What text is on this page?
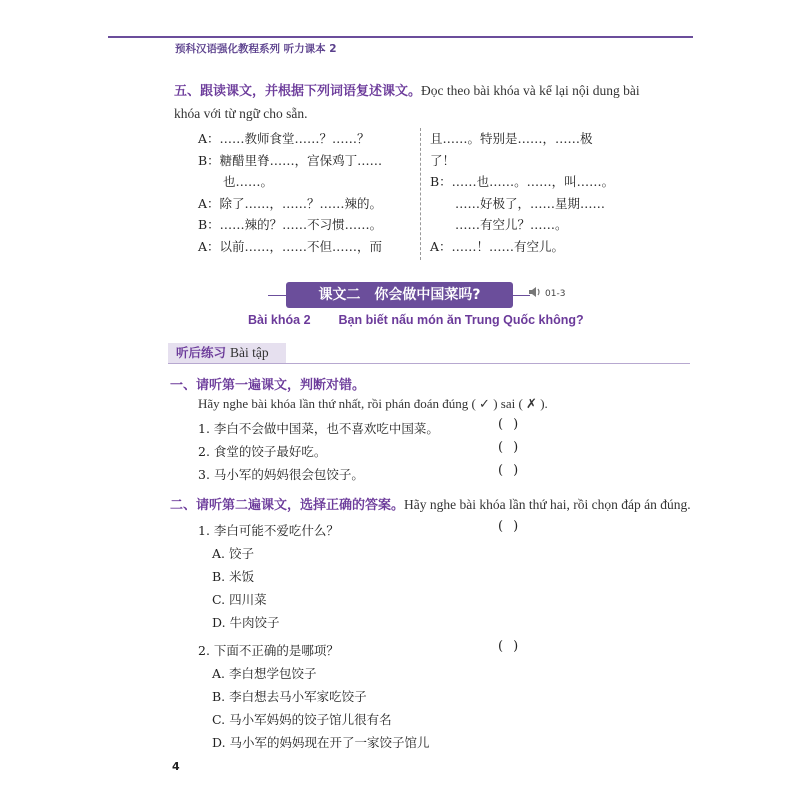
预科汉语强化教程系列 听力课本 2
五、跟读课文，并根据下列词语复述课文。Đọc theo bài khóa và kể lại nội dung bài khóa với từ ngữ cho sẵn.
A：……教师食堂……？……？
B：糖醋里脊……，宫保鸡丁……
　　也……。
A：除了……，……？……辣的。
B：……辣的？……不习惯……。
A：以前……，……不但……，而
且……。特别是……，……极
了！
B：……也……。……，叫……。
　　……好极了，……星期……
　　……有空儿？……。
A：……！……有空儿。
课文二　你会做中国菜吗?	01-3
Bài khóa 2 Bạn biết nấu món ăn Trung Quốc không?
听后练习 Bài tập
一、请听第一遍课文，判断对错。
Hãy nghe bài khóa lần thứ nhất, rồi phán đoán đúng ( ✓ ) sai ( ✗ ).
1. 李白不会做中国菜，也不喜欢吃中国菜。	()
2. 食堂的饺子最好吃。	()
3. 马小军的妈妈很会包饺子。	()
二、请听第二遍课文，选择正确的答案。Hãy nghe bài khóa lần thứ hai, rồi chọn đáp án đúng.
1. 李白可能不爱吃什么？	()
A. 饺子
B. 米饭
C. 四川菜
D. 牛肉饺子
2. 下面不正确的是哪项？	()
A. 李白想学包饺子
B. 李白想去马小军家吃饺子
C. 马小军妈妈的饺子馆儿很有名
D. 马小军的妈妈现在开了一家饺子馆儿
4
